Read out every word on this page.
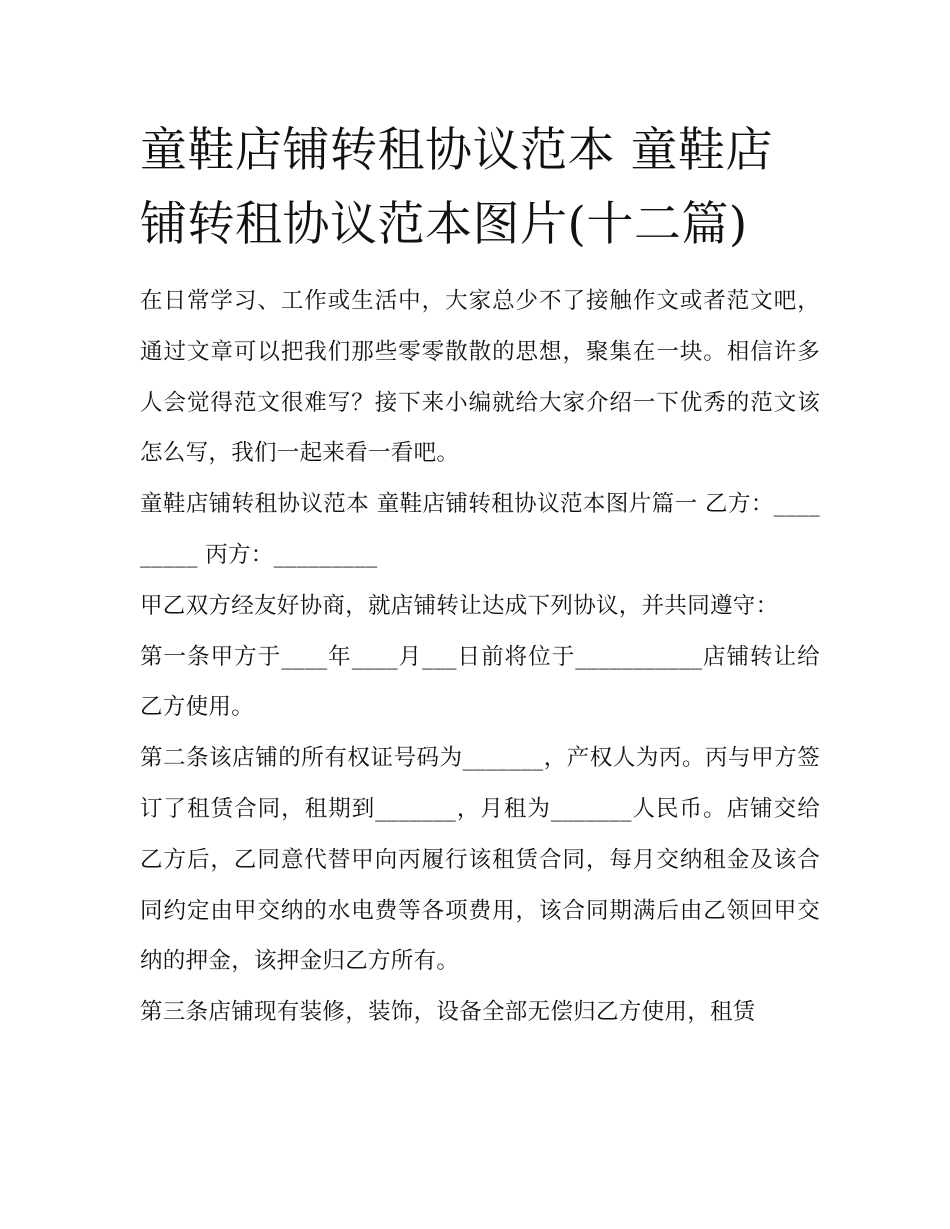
童鞋店铺转租协议范本 童鞋店铺转租协议范本图片(十二篇)

在日常学习、工作或生活中，大家总少不了接触作文或者范文吧，通过文章可以把我们那些零零散散的思想，聚集在一块。相信许多人会觉得范文很难写？接下来小编就给大家介绍一下优秀的范文该怎么写，我们一起来看一看吧。

童鞋店铺转租协议范本 童鞋店铺转租协议范本图片篇一 乙方：_________ 丙方：_________

甲乙双方经友好协商，就店铺转让达成下列协议，并共同遵守：

第一条甲方于____年____月___日前将位于___________店铺转让给乙方使用。

第二条该店铺的所有权证号码为_______，产权人为丙。丙与甲方签订了租赁合同，租期到_______，月租为_______人民币。店铺交给乙方后，乙同意代替甲向丙履行该租赁合同，每月交纳租金及该合同约定由甲交纳的水电费等各项费用，该合同期满后由乙领回甲交纳的押金，该押金归乙方所有。

第三条店铺现有装修，装饰，设备全部无偿归乙方使用，租赁
